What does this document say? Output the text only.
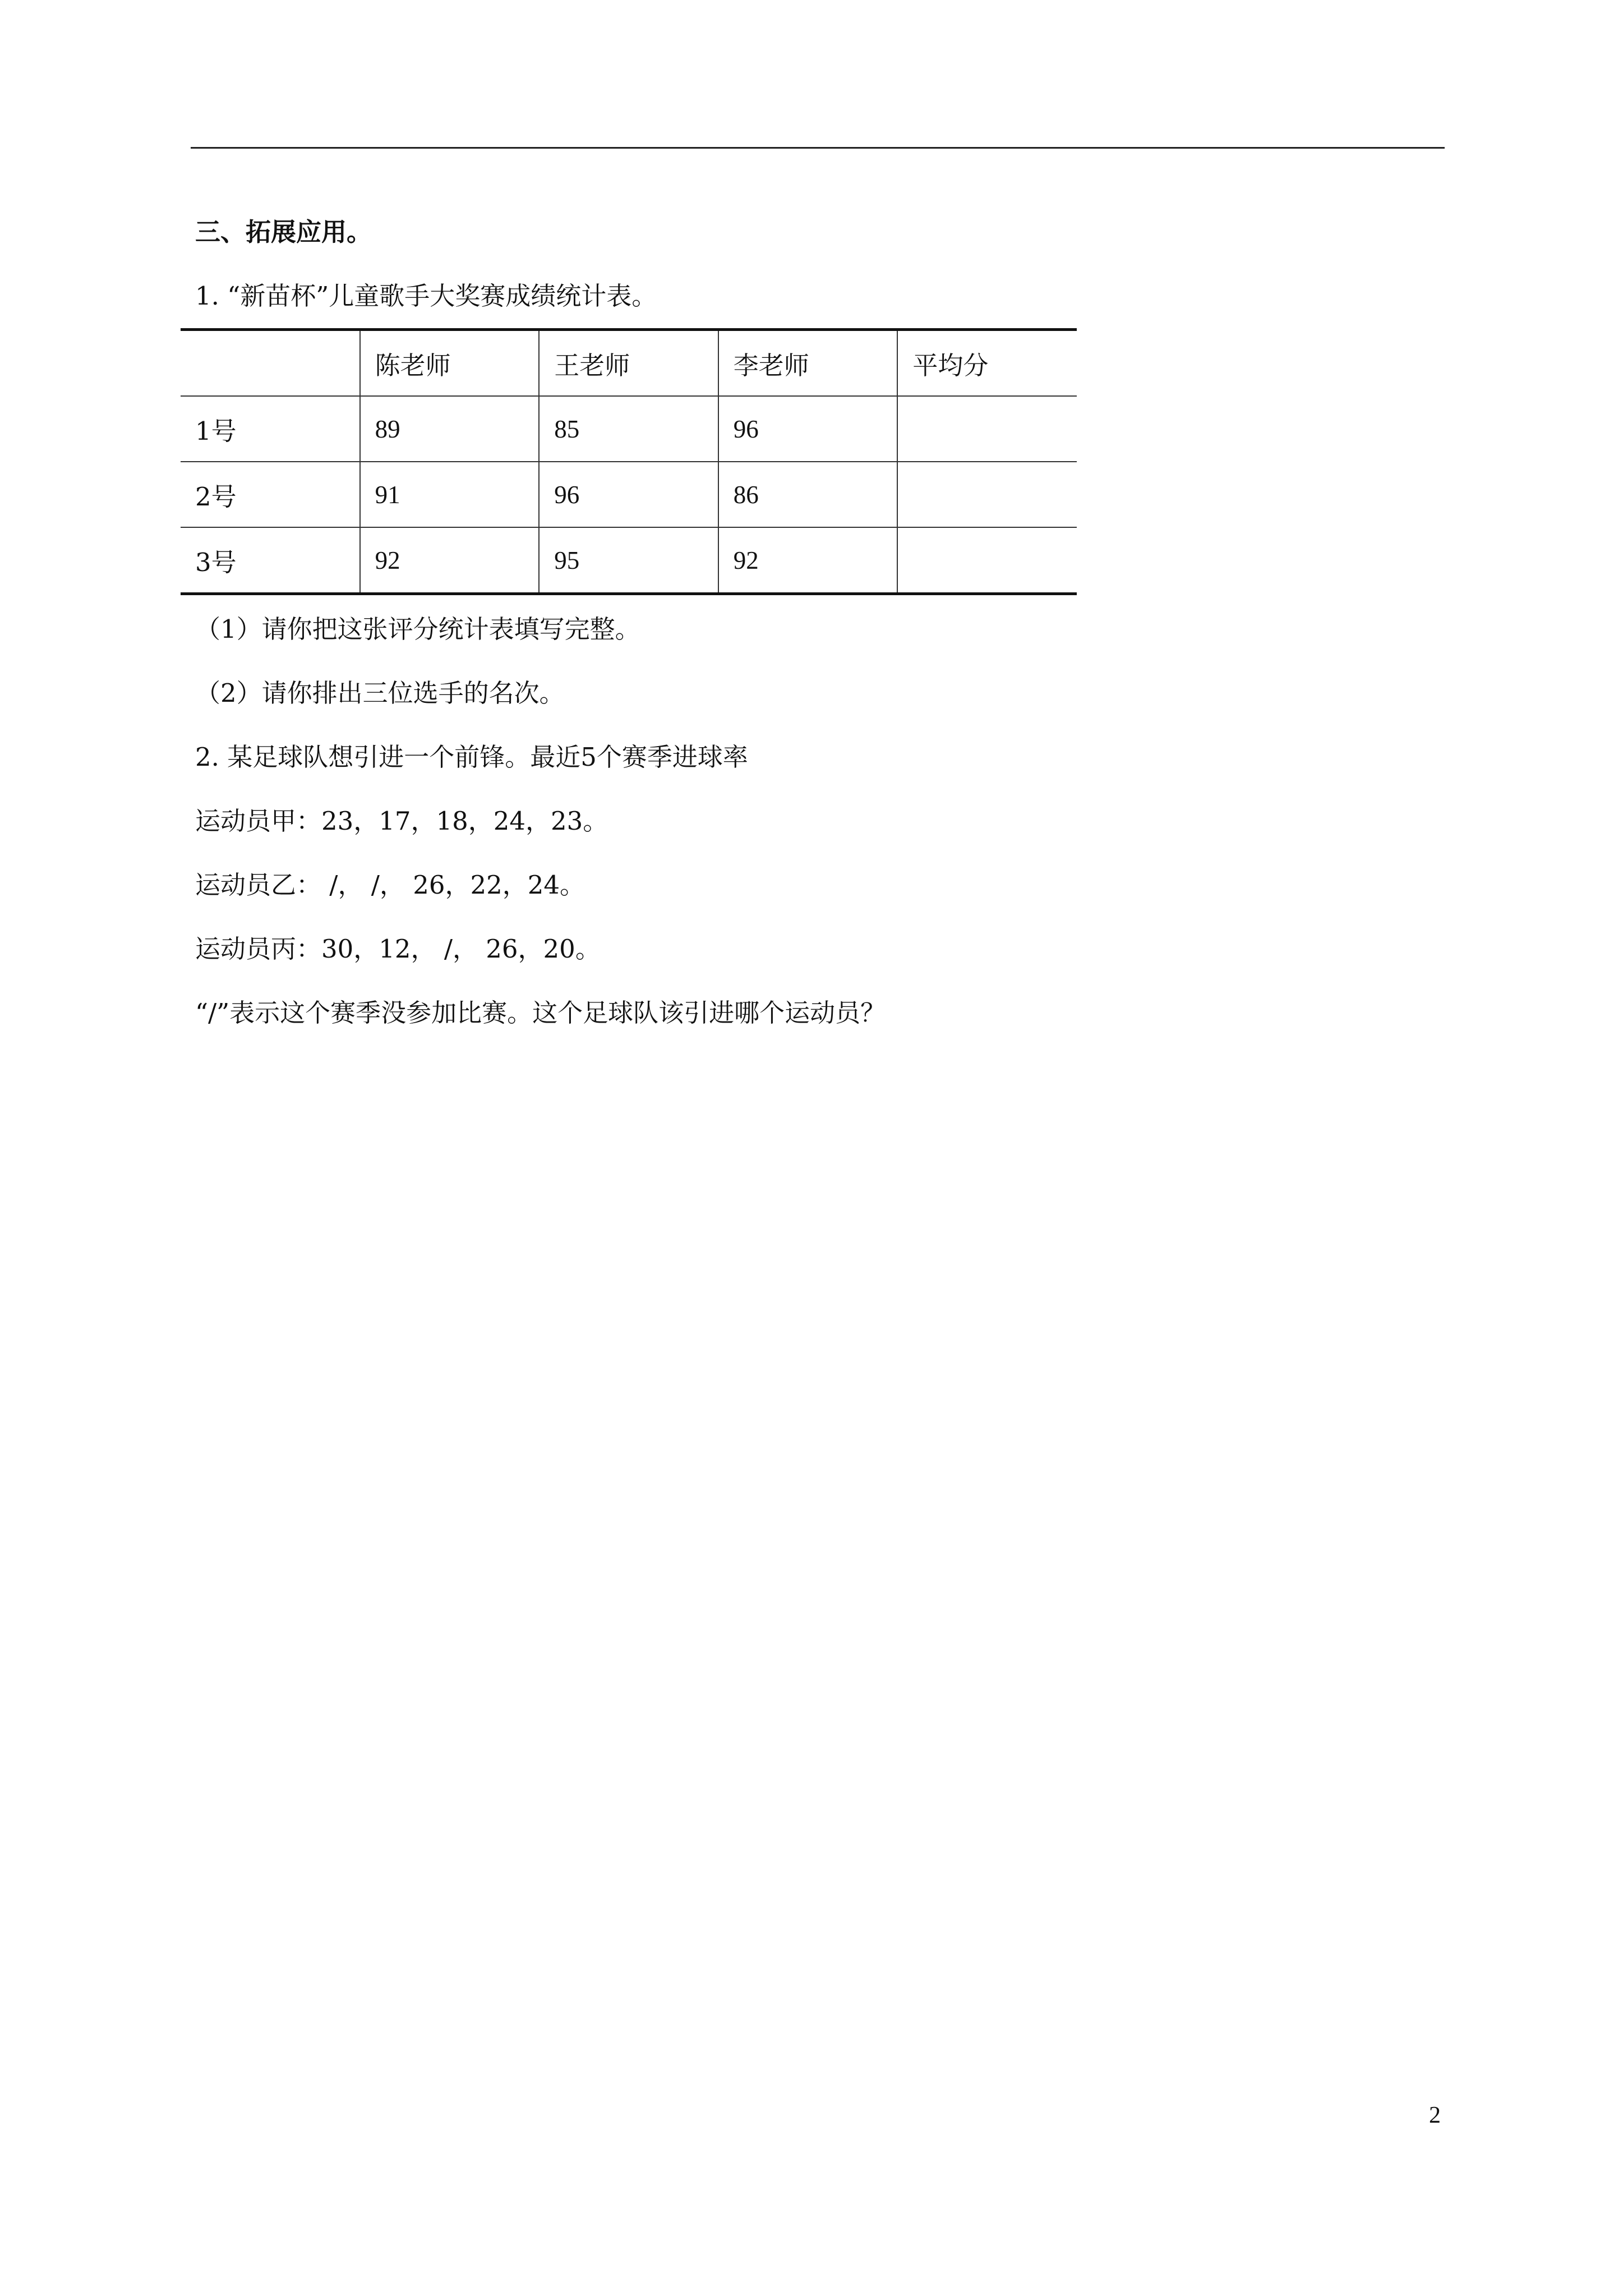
三、拓展应用。
1. “新苗杯”儿童歌手大奖赛成绩统计表。
	陈老师	王老师	李老师	平均分
1号	89	85	96	
2号	91	96	86	
3号	92	95	92	
（1）请你把这张评分统计表填写完整。
（2）请你排出三位选手的名次。
2. 某足球队想引进一个前锋。最近5个赛季进球率
运动员甲：23，17，18，24，23。
运动员乙： /， /， 26，22，24。
运动员丙：30，12， /， 26，20。
“/”表示这个赛季没参加比赛。这个足球队该引进哪个运动员？
2
